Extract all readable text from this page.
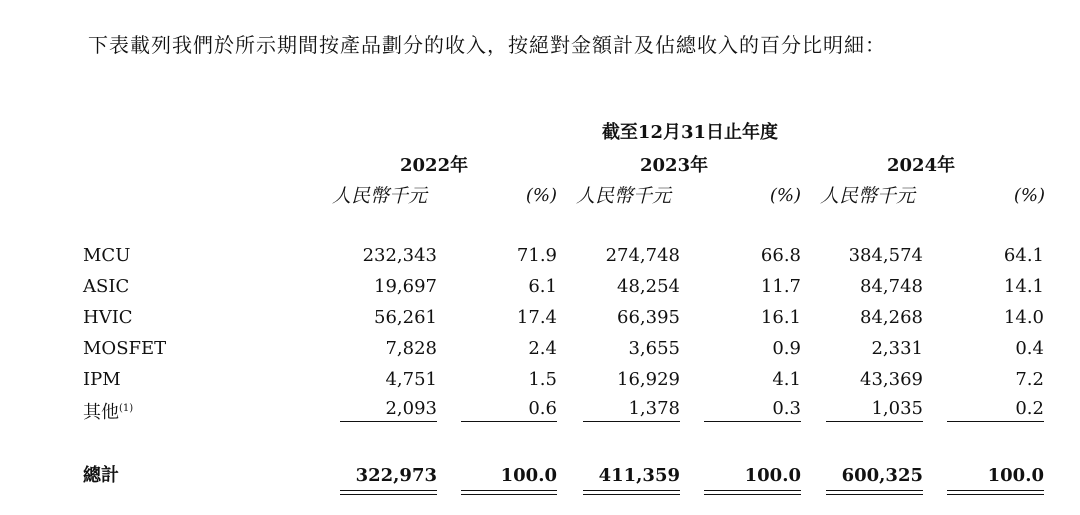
下表載列我們於所示期間按產品劃分的收入，按絕對金額計及佔總收入的百分比明細：

截至12月31日止年度
2022年	2023年	2024年
人民幣千元	(%) 人民幣千元	(%) 人民幣千元	(%)
MCU	232,343	71.9	274,748	66.8	384,574	64.1
ASIC	19,697	6.1	48,254	11.7	84,748	14.1
HVIC	56,261	17.4	66,395	16.1	84,268	14.0
MOSFET	7,828	2.4	3,655	0.9	2,331	0.4
IPM	4,751	1.5	16,929	4.1	43,369	7.2
其他$^{(1)}$	2,093	0.6	1,378	0.3	1,035	0.2
總計	322,973	100.0	411,359	100.0	600,325	100.0
